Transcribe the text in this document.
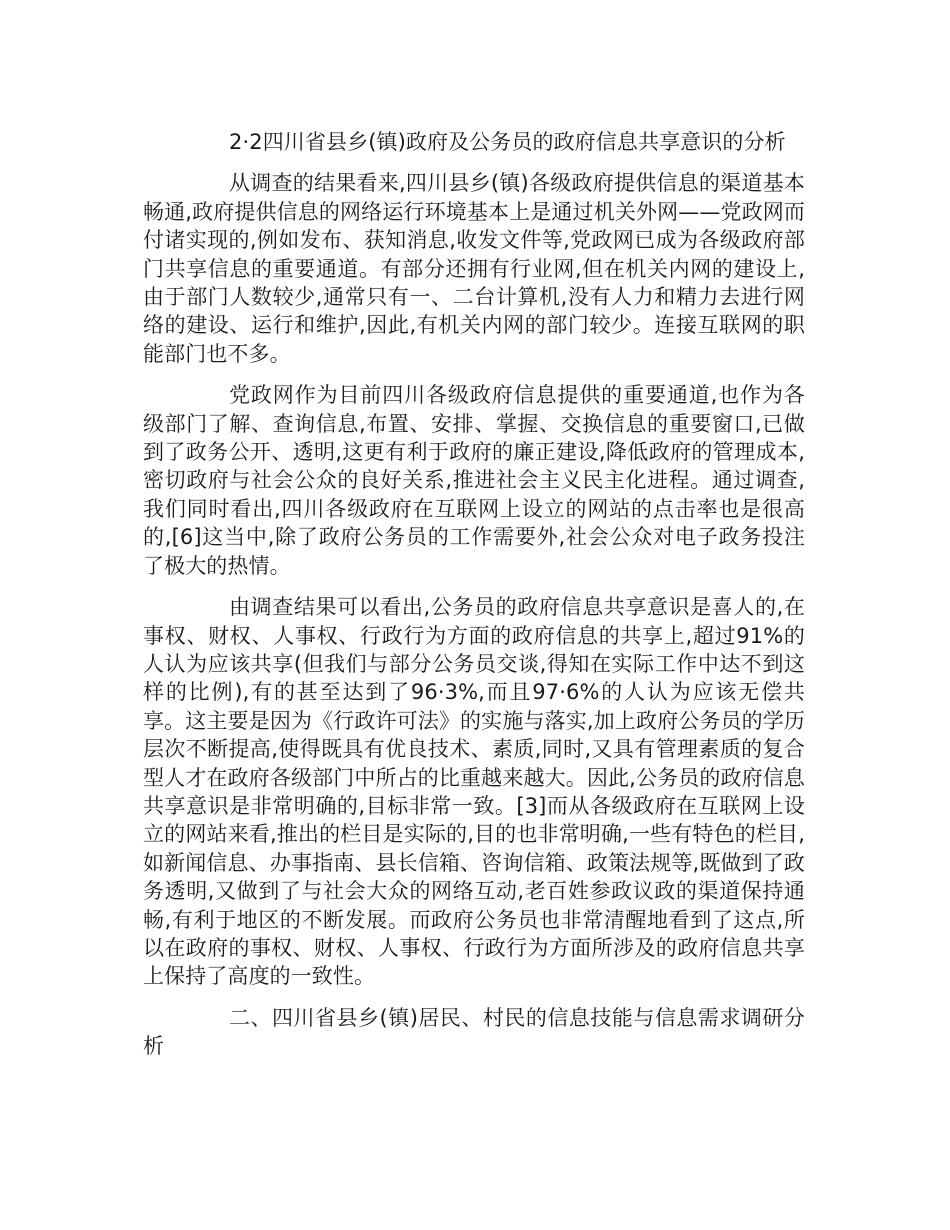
2·2四川省县乡(镇)政府及公务员的政府信息共享意识的分析

从调查的结果看来,四川县乡(镇)各级政府提供信息的渠道基本畅通,政府提供信息的网络运行环境基本上是通过机关外网——党政网而付诸实现的,例如发布、获知消息,收发文件等,党政网已成为各级政府部门共享信息的重要通道。有部分还拥有行业网,但在机关内网的建设上,由于部门人数较少,通常只有一、二台计算机,没有人力和精力去进行网络的建设、运行和维护,因此,有机关内网的部门较少。连接互联网的职能部门也不多。

党政网作为目前四川各级政府信息提供的重要通道,也作为各级部门了解、查询信息,布置、安排、掌握、交换信息的重要窗口,已做到了政务公开、透明,这更有利于政府的廉正建设,降低政府的管理成本,密切政府与社会公众的良好关系,推进社会主义民主化进程。通过调查,我们同时看出,四川各级政府在互联网上设立的网站的点击率也是很高的,[6]这当中,除了政府公务员的工作需要外,社会公众对电子政务投注了极大的热情。

由调查结果可以看出,公务员的政府信息共享意识是喜人的,在事权、财权、人事权、行政行为方面的政府信息的共享上,超过91%的人认为应该共享(但我们与部分公务员交谈,得知在实际工作中达不到这样的比例),有的甚至达到了96·3%,而且97·6%的人认为应该无偿共享。这主要是因为《行政许可法》的实施与落实,加上政府公务员的学历层次不断提高,使得既具有优良技术、素质,同时,又具有管理素质的复合型人才在政府各级部门中所占的比重越来越大。因此,公务员的政府信息共享意识是非常明确的,目标非常一致。[3]而从各级政府在互联网上设立的网站来看,推出的栏目是实际的,目的也非常明确,一些有特色的栏目,如新闻信息、办事指南、县长信箱、咨询信箱、政策法规等,既做到了政务透明,又做到了与社会大众的网络互动,老百姓参政议政的渠道保持通畅,有利于地区的不断发展。而政府公务员也非常清醒地看到了这点,所以在政府的事权、财权、人事权、行政行为方面所涉及的政府信息共享上保持了高度的一致性。

二、四川省县乡(镇)居民、村民的信息技能与信息需求调研分析
